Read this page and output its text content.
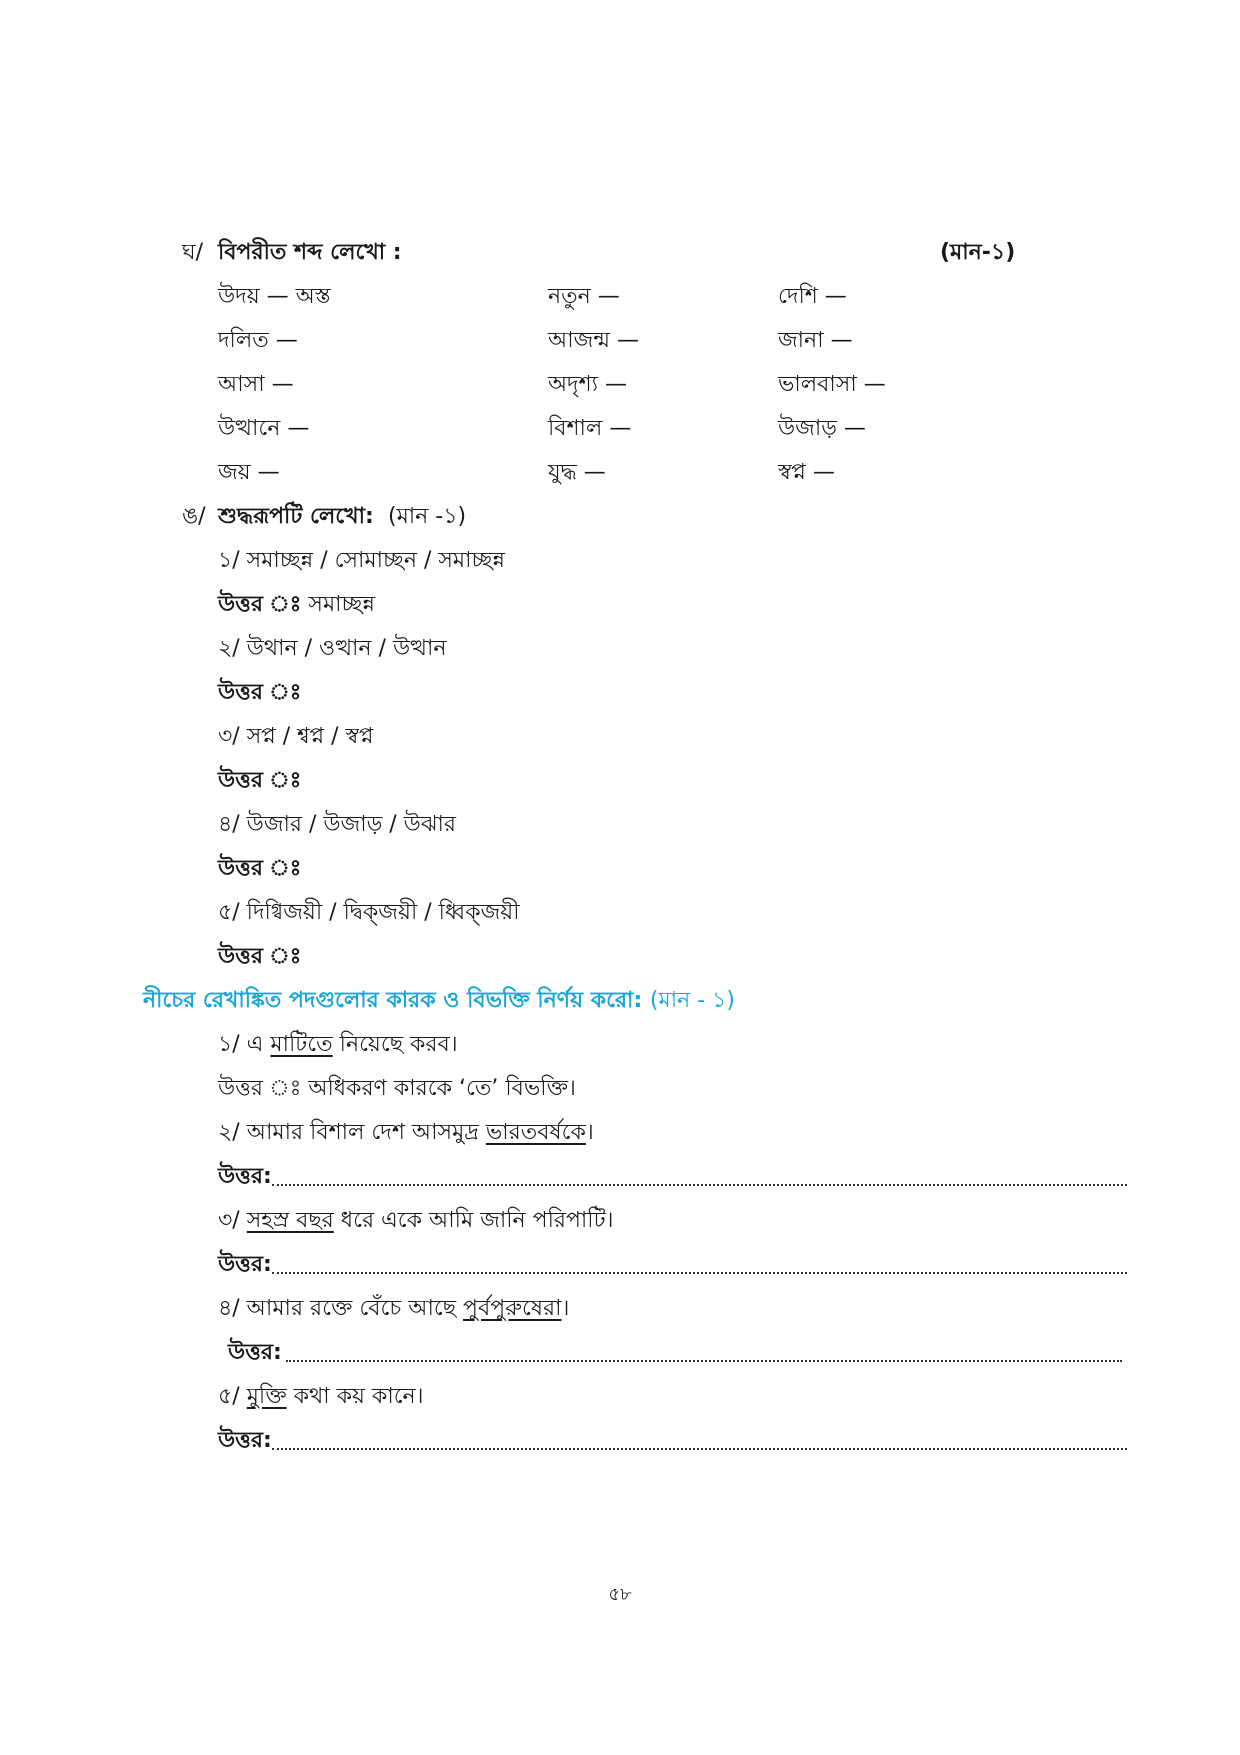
ঘ/ বিপরীত শব্দ লেখো :	(মান-১)
উদয় — অস্ত	নতুন —	দেশি —
দলিত —	আজন্ম —	জানা —
আসা —	অদৃশ্য —	ভালবাসা —
উত্থানে —	বিশাল —	উজাড় —
জয় —	যুদ্ধ —	স্বপ্ন —
ঙ/ শুদ্ধরূপটি লেখো: (মান -১)
১/ সমাচ্ছন্ন / সোমাচ্ছন / সমাচ্ছন্ন
উত্তর ঃ সমাচ্ছন্ন
২/ উথান / ওত্থান / উত্থান
উত্তর ঃ
৩/ সপ্ন / শ্বপ্ন / স্বপ্ন
উত্তর ঃ
৪/ উজার / উজাড় / উঝার
উত্তর ঃ
৫/ দিগ্বিজয়ী / দ্বিক্‌জয়ী / ধ্বিক্‌জয়ী
উত্তর ঃ
নীচের রেখাঙ্কিত পদগুলোর কারক ও বিভক্তি নির্ণয় করো: (মান - ১)
১/ এ মাটিতে নিয়েছে করব।
উত্তর ঃ অধিকরণ কারকে ‘তে’ বিভক্তি।
২/ আমার বিশাল দেশ আসমুদ্র ভারতবর্ষকে।
উত্তর:
৩/ সহস্র বছর ধরে একে আমি জানি পরিপাটি।
উত্তর:
৪/ আমার রক্তে বেঁচে আছে পুর্বপুরুষেরা।
উত্তর:
৫/ মুক্তি কথা কয় কানে।
উত্তর:
৫৮
